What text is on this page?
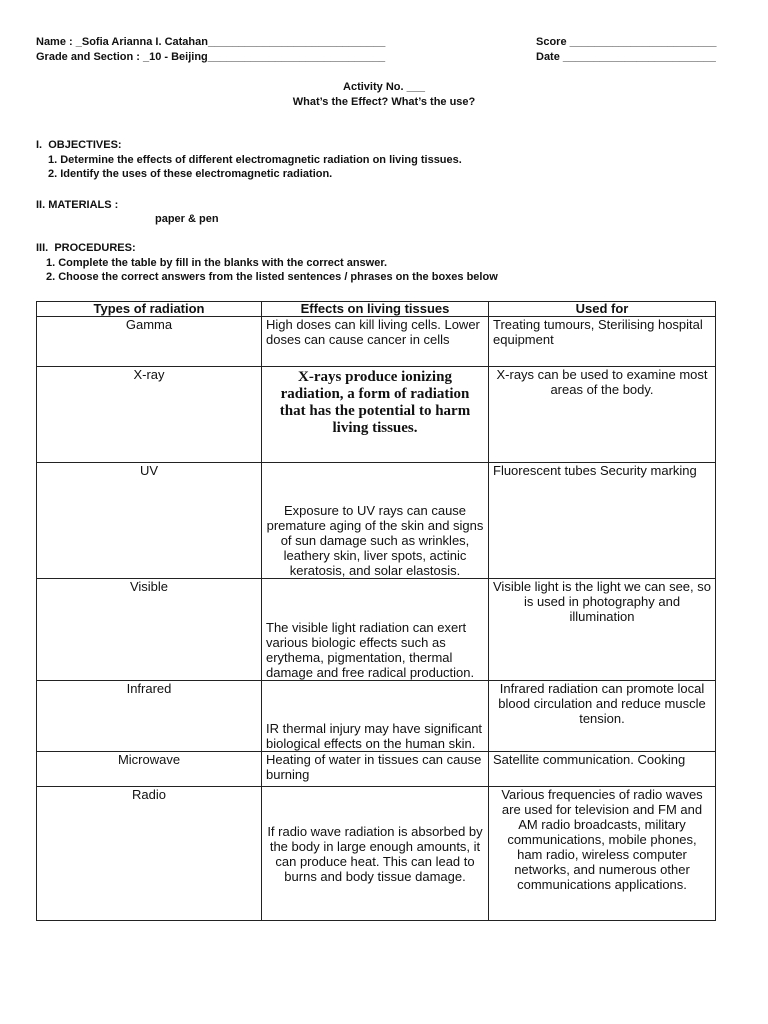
Name : _Sofia Arianna I. Catahan_____________________________
Grade and Section : _10 - Beijing_____________________________
Score ________________________
Date _________________________
Activity No. ___
What’s the Effect? What’s the use?
I.  OBJECTIVES:
1. Determine the effects of different electromagnetic radiation on living tissues.
2. Identify the uses of these electromagnetic radiation.
II. MATERIALS :
paper & pen
III.  PROCEDURES:
1. Complete the table by fill in the blanks with the correct answer.
2. Choose the correct answers from the listed sentences / phrases on the boxes below
Types of radiation	Effects on living tissues	Used for
Gamma	High doses can kill living cells. Lower doses can cause cancer in cells	Treating tumours, Sterilising hospital equipment
X-ray	X-rays produce ionizing radiation, a form of radiation that has the potential to harm living tissues.	X-rays can be used to examine most areas of the body.
UV	Exposure to UV rays can cause premature aging of the skin and signs of sun damage such as wrinkles, leathery skin, liver spots, actinic keratosis, and solar elastosis.	Fluorescent tubes Security marking
Visible	The visible light radiation can exert various biologic effects such as erythema, pigmentation, thermal damage and free radical production.	Visible light is the light we can see, so is used in photography and illumination
Infrared	IR thermal injury may have significant biological effects on the human skin.	Infrared radiation can promote local blood circulation and reduce muscle tension.
Microwave	Heating of water in tissues can cause burning	Satellite communication. Cooking
Radio	If radio wave radiation is absorbed by the body in large enough amounts, it can produce heat. This can lead to burns and body tissue damage.	Various frequencies of radio waves are used for television and FM and AM radio broadcasts, military communications, mobile phones, ham radio, wireless computer networks, and numerous other communications applications.
